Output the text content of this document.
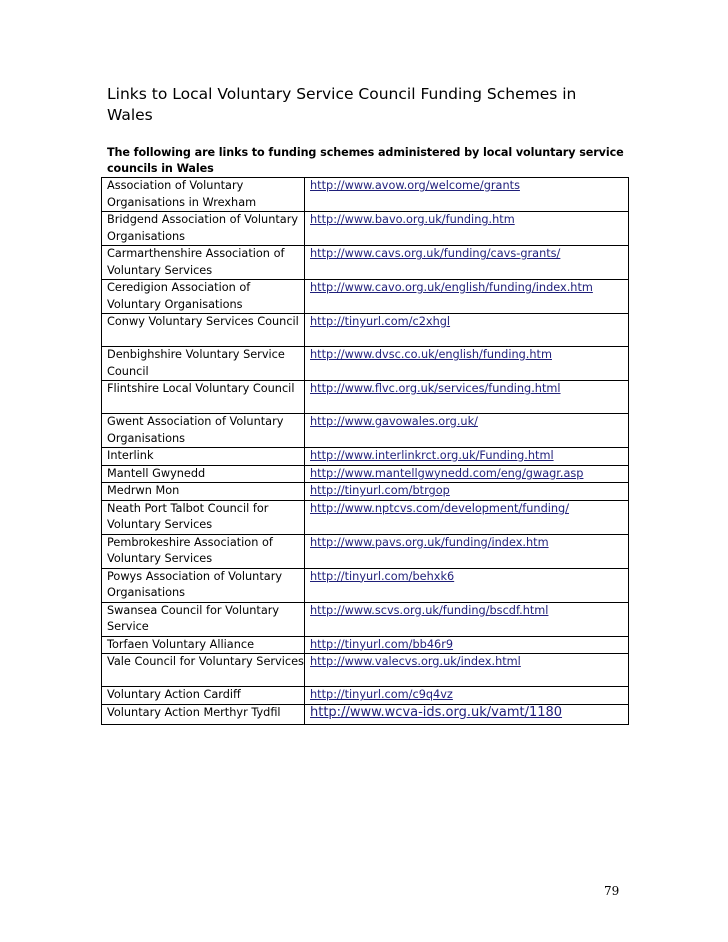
Links to Local Voluntary Service Council Funding Schemes in Wales

The following are links to funding schemes administered by local voluntary service councils in Wales

Association of Voluntary Organisations in Wrexham	http://www.avow.org/welcome/grants
Bridgend Association of Voluntary Organisations	http://www.bavo.org.uk/funding.htm
Carmarthenshire Association of Voluntary Services	http://www.cavs.org.uk/funding/cavs-grants/
Ceredigion Association of Voluntary Organisations	http://www.cavo.org.uk/english/funding/index.htm
Conwy Voluntary Services Council	http://tinyurl.com/c2xhgl
Denbighshire Voluntary Service Council	http://www.dvsc.co.uk/english/funding.htm
Flintshire Local Voluntary Council	http://www.flvc.org.uk/services/funding.html
Gwent Association of Voluntary Organisations	http://www.gavowales.org.uk/
Interlink	http://www.interlinkrct.org.uk/Funding.html
Mantell Gwynedd	http://www.mantellgwynedd.com/eng/gwagr.asp
Medrwn Mon	http://tinyurl.com/btrgop
Neath Port Talbot Council for Voluntary Services	http://www.nptcvs.com/development/funding/
Pembrokeshire Association of Voluntary Services	http://www.pavs.org.uk/funding/index.htm
Powys Association of Voluntary Organisations	http://tinyurl.com/behxk6
Swansea Council for Voluntary Service	http://www.scvs.org.uk/funding/bscdf.html
Torfaen Voluntary Alliance	http://tinyurl.com/bb46r9
Vale Council for Voluntary Services	http://www.valecvs.org.uk/index.html
Voluntary Action Cardiff	http://tinyurl.com/c9q4vz
Voluntary Action Merthyr Tydfil	http://www.wcva-ids.org.uk/vamt/1180

79
